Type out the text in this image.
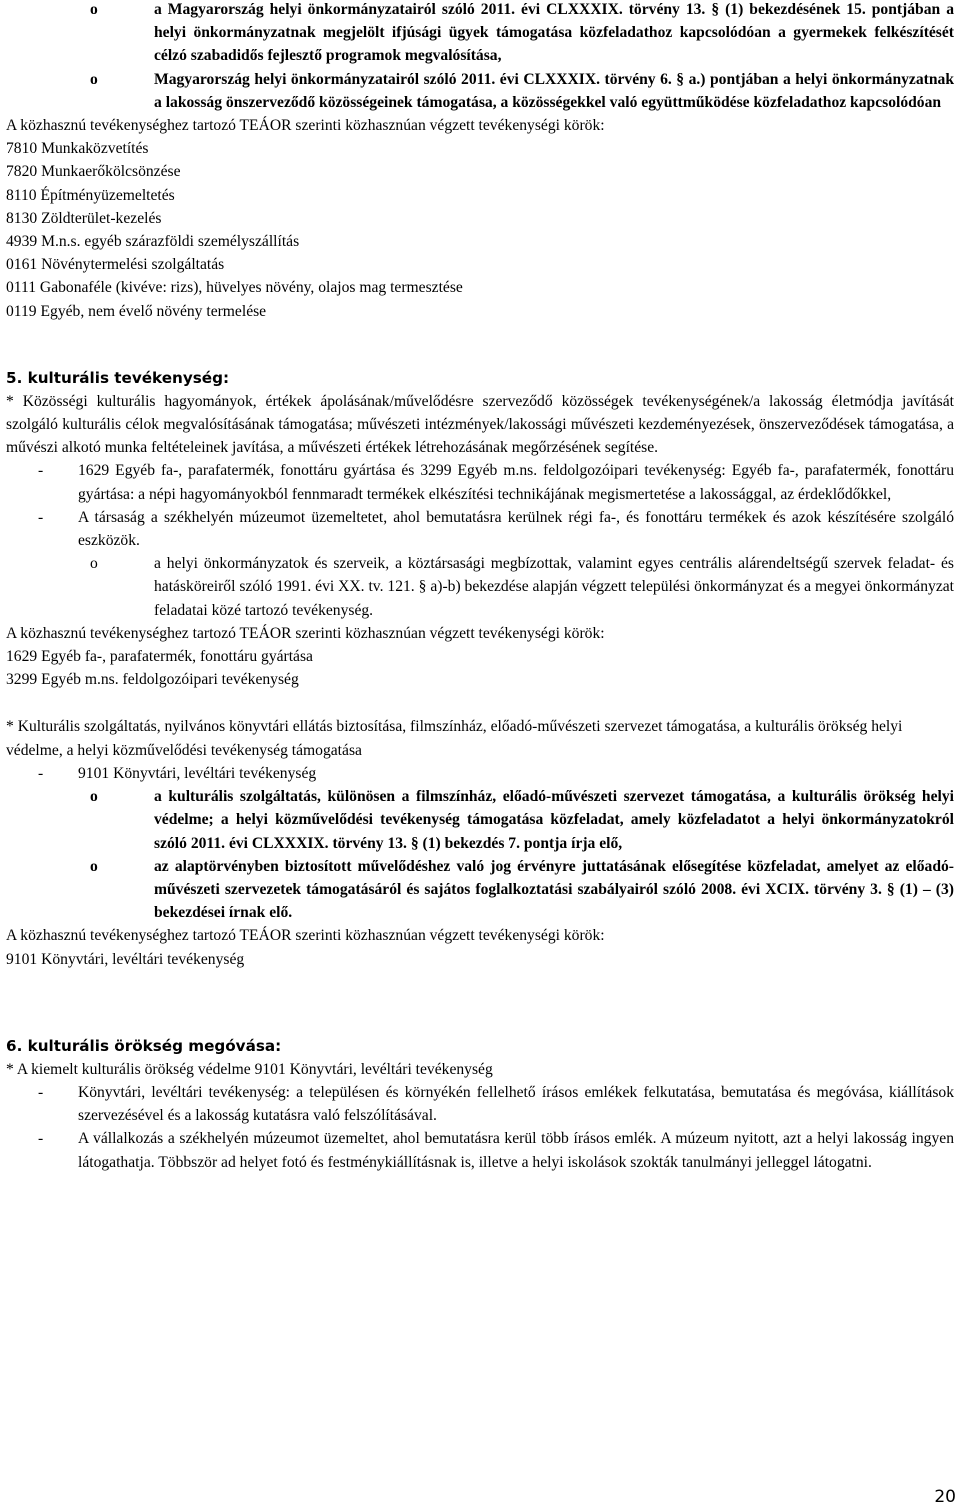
o	a Magyarország helyi önkormányzatairól szóló 2011. évi CLXXXIX. törvény 13. § (1) bekezdésének 15. pontjában a helyi önkormányzatnak megjelölt ifjúsági ügyek támogatása közfeladathoz kapcsolódóan a gyermekek felkészítését célzó szabadidős fejlesztő programok megvalósítása,

o	Magyarország helyi önkormányzatairól szóló 2011. évi CLXXXIX. törvény 6. § a.) pontjában a helyi önkormányzatnak a lakosság önszerveződő közösségeinek támogatása, a közösségekkel való együttműködése közfeladathoz kapcsolódóan

A közhasznú tevékenységhez tartozó TEÁOR szerinti közhasznúan végzett tevékenységi körök:

7810 Munkaközvetítés

7820 Munkaerőkölcsönzése

8110 Építményüzemeltetés

8130 Zöldterület-kezelés

4939 M.n.s. egyéb szárazföldi személyszállítás

0161 Növénytermelési szolgáltatás

0111 Gabonaféle (kivéve: rizs), hüvelyes növény, olajos mag termesztése

0119 Egyéb, nem évelő növény termelése

5. kulturális tevékenység:

* Közösségi kulturális hagyományok, értékek ápolásának/művelődésre szerveződő közösségek tevékenységének/a lakosság életmódja javítását szolgáló kulturális célok megvalósításának támogatása; művészeti intézmények/lakossági művészeti kezdeményezések, önszerveződések támogatása, a művészi alkotó munka feltételeinek javítása, a művészeti értékek létrehozásának megőrzésének segítése.

- 1629 Egyéb fa-, parafatermék, fonottáru gyártása és 3299 Egyéb m.ns. feldolgozóipari tevékenység: Egyéb fa-, parafatermék, fonottáru gyártása: a népi hagyományokból fennmaradt termékek elkészítési technikájának megismertetése a lakossággal, az érdeklődőkkel,

- A társaság a székhelyén múzeumot üzemeltetet, ahol bemutatásra kerülnek régi fa-, és fonottáru termékek és azok készítésére szolgáló eszközök.

o	a helyi önkormányzatok és szerveik, a köztársasági megbízottak, valamint egyes centrális alárendeltségű szervek feladat- és hatásköreiről szóló 1991. évi XX. tv. 121. § a)-b) bekezdése alapján végzett települési önkormányzat és a megyei önkormányzat feladatai közé tartozó tevékenység.

A közhasznú tevékenységhez tartozó TEÁOR szerinti közhasznúan végzett tevékenységi körök:

1629 Egyéb fa-, parafatermék, fonottáru gyártása

3299 Egyéb m.ns. feldolgozóipari tevékenység

* Kulturális szolgáltatás, nyilvános könyvtári ellátás biztosítása, filmszínház, előadó-művészeti szervezet támogatása, a kulturális örökség helyi védelme, a helyi közművelődési tevékenység támogatása

- 9101 Könyvtári, levéltári tevékenység

o	a kulturális szolgáltatás, különösen a filmszínház, előadó-művészeti szervezet támogatása, a kulturális örökség helyi védelme; a helyi közművelődési tevékenység támogatása közfeladat, amely közfeladatot a helyi önkormányzatokról szóló 2011. évi CLXXXIX. törvény 13. § (1) bekezdés 7. pontja írja elő,

o	az alaptörvényben biztosított művelődéshez való jog érvényre juttatásának elősegítése közfeladat, amelyet az előadó-művészeti szervezetek támogatásáról és sajátos foglalkoztatási szabályairól szóló 2008. évi XCIX. törvény 3. § (1) – (3) bekezdései írnak elő.

A közhasznú tevékenységhez tartozó TEÁOR szerinti közhasznúan végzett tevékenységi körök:

9101 Könyvtári, levéltári tevékenység

6. kulturális örökség megóvása:

* A kiemelt kulturális örökség védelme 9101 Könyvtári, levéltári tevékenység

- Könyvtári, levéltári tevékenység: a településen és környékén fellelhető írásos emlékek felkutatása, bemutatása és megóvása, kiállítások szervezésével és a lakosság kutatásra való felszólításával.

- A vállalkozás a székhelyén múzeumot üzemeltet, ahol bemutatásra kerül több írásos emlék. A múzeum nyitott, azt a helyi lakosság ingyen látogathatja. Többször ad helyet fotó és festménykiállításnak is, illetve a helyi iskolások szokták tanulmányi jelleggel látogatni.

20
